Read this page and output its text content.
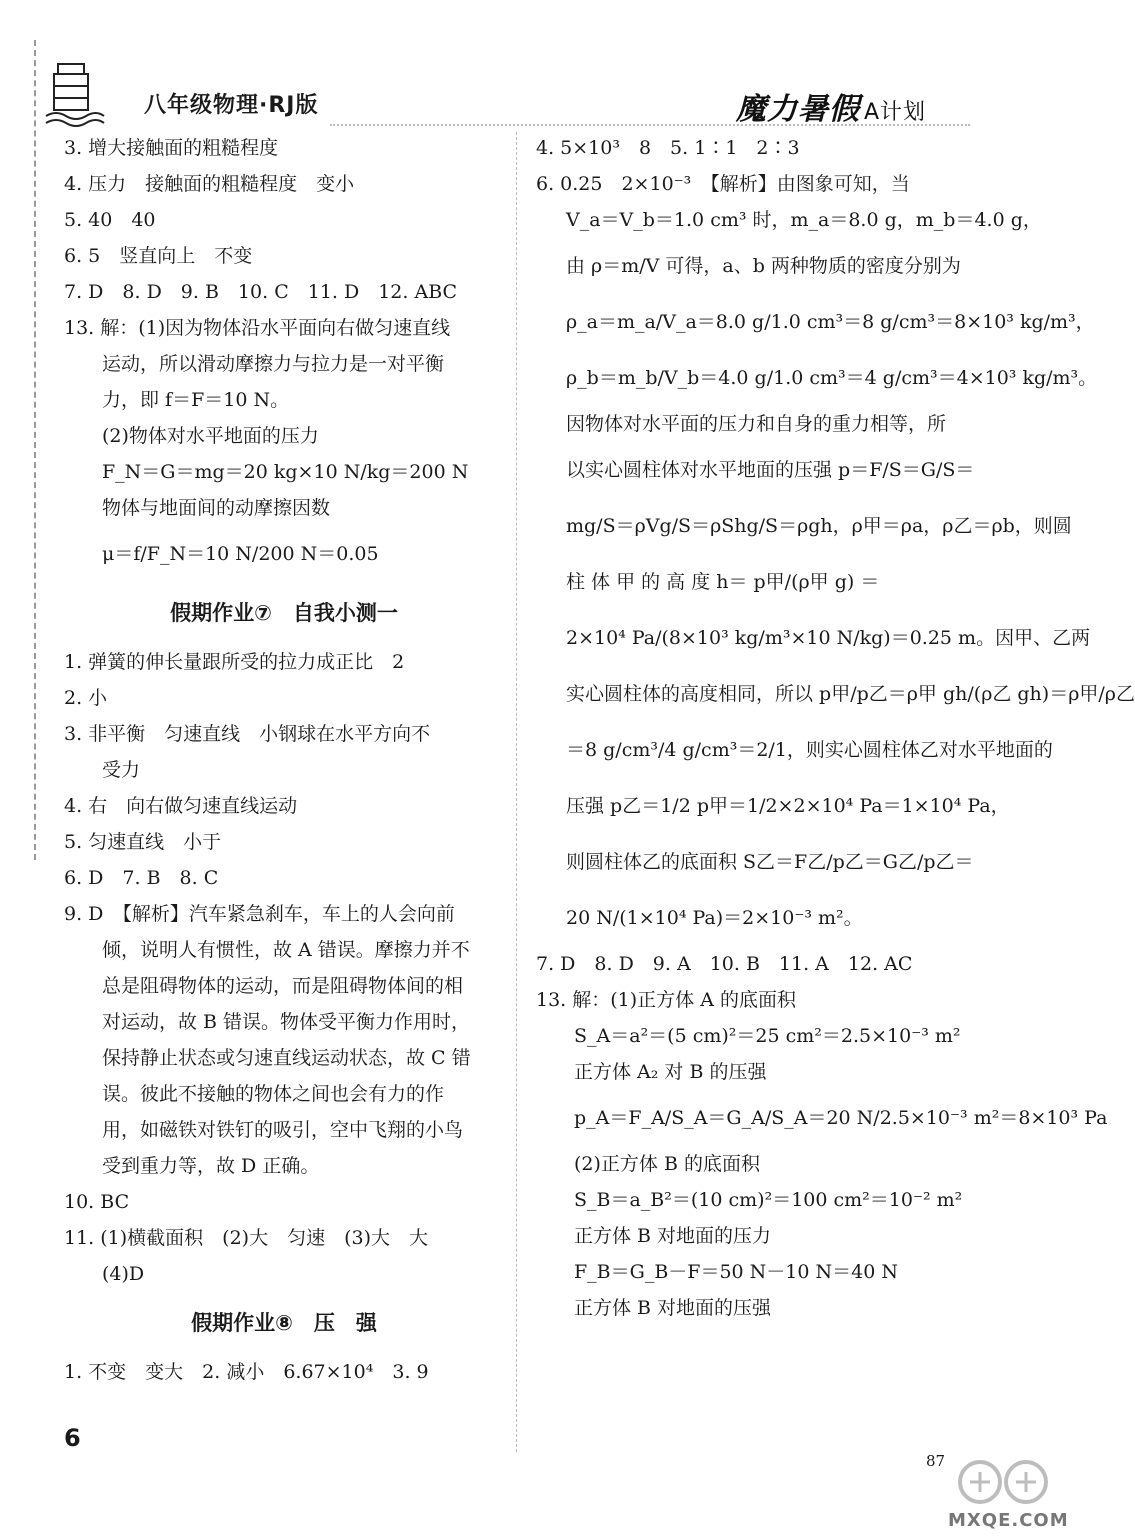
八年级物理·RJ版	魔力暑假 A计划
3. 增大接触面的粗糙程度
4. 压力　接触面的粗糙程度　变小
5. 40　40
6. 5　竖直向上　不变
7. D　8. D　9. B　10. C　11. D　12. ABC
13. 解：(1)因为物体沿水平面向右做匀速直线
运动，所以滑动摩擦力与拉力是一对平衡
力，即 f＝F＝10 N。
(2)物体对水平地面的压力
F_N＝G＝mg＝20 kg×10 N/kg＝200 N
物体与地面间的动摩擦因数
μ＝f/F_N＝10 N/200 N＝0.05
假期作业⑦　自我小测一
1. 弹簧的伸长量跟所受的拉力成正比　2
2. 小
3. 非平衡　匀速直线　小钢球在水平方向不
受力
4. 右　向右做匀速直线运动
5. 匀速直线　小于
6. D　7. B　8. C
9. D　【解析】汽车紧急刹车，车上的人会向前
倾，说明人有惯性，故 A 错误。摩擦力并不
总是阻碍物体的运动，而是阻碍物体间的相
对运动，故 B 错误。物体受平衡力作用时，
保持静止状态或匀速直线运动状态，故 C 错
误。彼此不接触的物体之间也会有力的作
用，如磁铁对铁钉的吸引，空中飞翔的小鸟
受到重力等，故 D 正确。
10. BC
11. (1)横截面积　(2)大　匀速　(3)大　大
(4)D
假期作业⑧　压　强
1. 不变　变大　2. 减小　6.67×10⁴　3. 9
4. 5×10³　8　5. 1∶1　2∶3
6. 0.25　2×10⁻³　【解析】由图象可知，当
V_a＝V_b＝1.0 cm³ 时，m_a＝8.0 g，m_b＝4.0 g，
由 ρ＝m/V 可得，a、b 两种物质的密度分别为
ρ_a＝m_a/V_a＝8.0 g/1.0 cm³＝8 g/cm³＝8×10³ kg/m³，
ρ_b＝m_b/V_b＝4.0 g/1.0 cm³＝4 g/cm³＝4×10³ kg/m³。
因物体对水平面的压力和自身的重力相等，所
以实心圆柱体对水平地面的压强 p＝F/S＝G/S＝
mg/S＝ρVg/S＝ρShg/S＝ρgh，ρ甲＝ρa，ρ乙＝ρb，则圆
柱 体 甲 的 高 度 h＝ p甲/(ρ甲 g) ＝
2×10⁴ Pa/(8×10³ kg/m³×10 N/kg)＝0.25 m。因甲、乙两
实心圆柱体的高度相同，所以 p甲/p乙＝ρ甲 gh/(ρ乙 gh)＝ρ甲/ρ乙
＝8 g/cm³/4 g/cm³＝2/1，则实心圆柱体乙对水平地面的
压强 p乙＝1/2 p甲＝1/2×2×10⁴ Pa＝1×10⁴ Pa，
则圆柱体乙的底面积 S乙＝F乙/p乙＝G乙/p乙＝
20 N/(1×10⁴ Pa)＝2×10⁻³ m²。
7. D　8. D　9. A　10. B　11. A　12. AC
13. 解：(1)正方体 A 的底面积
S_A＝a²＝(5 cm)²＝25 cm²＝2.5×10⁻³ m²
正方体 A₂ 对 B 的压强
p_A＝F_A/S_A＝G_A/S_A＝20 N/2.5×10⁻³ m²＝8×10³ Pa
(2)正方体 B 的底面积
S_B＝a_B²＝(10 cm)²＝100 cm²＝10⁻² m²
正方体 B 对地面的压力
F_B＝G_B－F＝50 N－10 N＝40 N
正方体 B 对地面的压强
6
87
MXQE.COM
